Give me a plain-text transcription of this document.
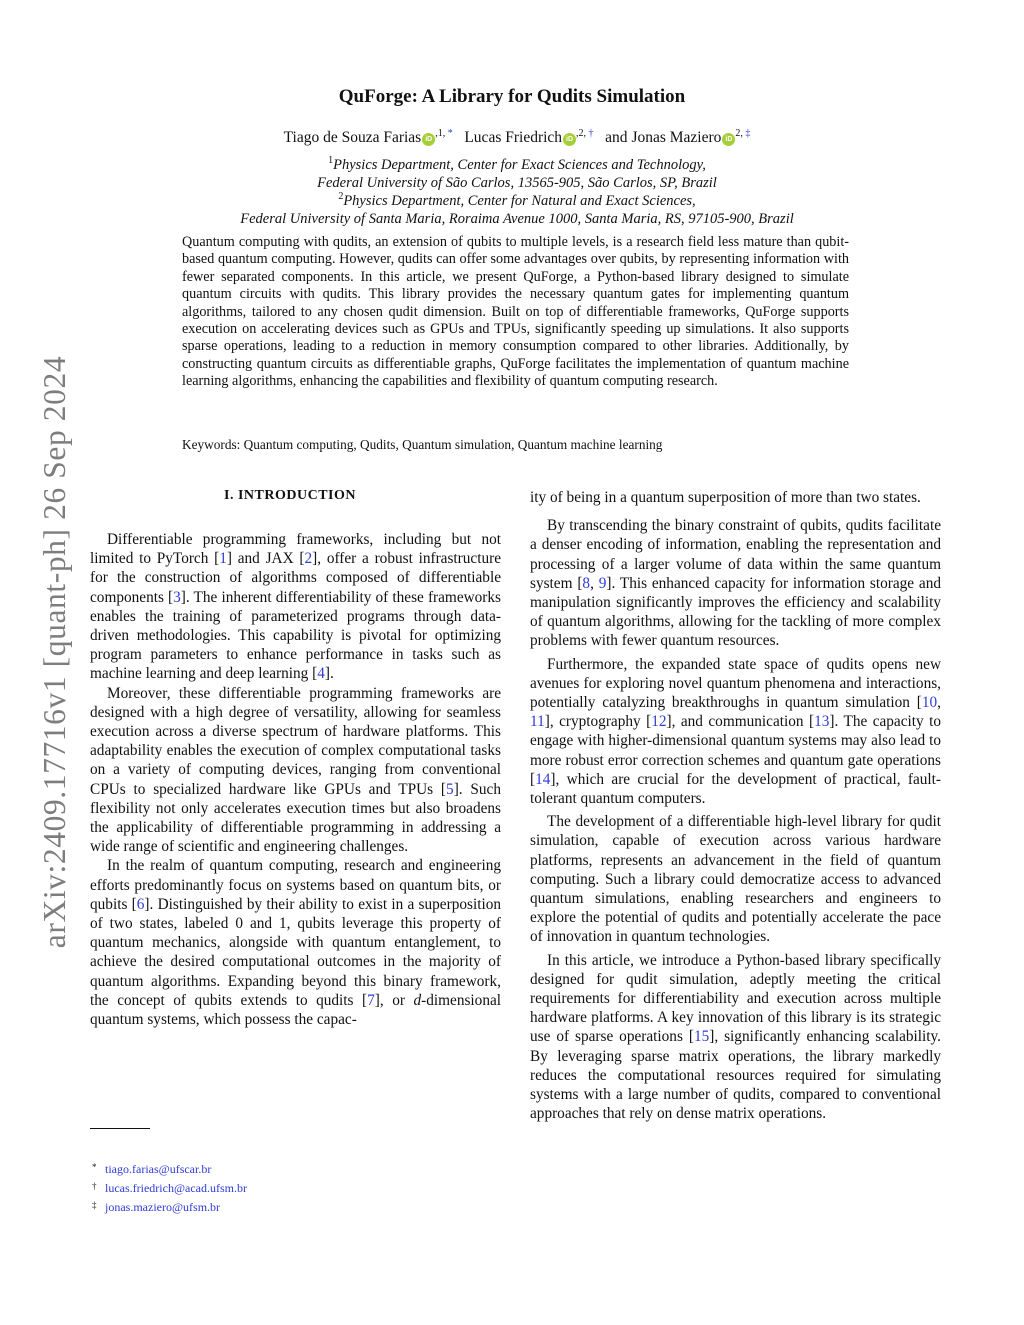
arXiv:2409.17716v1 [quant-ph] 26 Sep 2024
QuForge: A Library for Qudits Simulation
Tiago de Souza Farias $iD^{,1, *}$ Lucas Friedrich $iD^{,2, \dagger}$ and Jonas Maziero $iD^{2, \ddagger}$
$^1$Physics Department, Center for Exact Sciences and Technology,
Federal University of São Carlos, 13565-905, São Carlos, SP, Brazil
$^2$Physics Department, Center for Natural and Exact Sciences,
Federal University of Santa Maria, Roraima Avenue 1000, Santa Maria, RS, 97105-900, Brazil
Quantum computing with qudits, an extension of qubits to multiple levels, is a research field less mature than qubit-based quantum computing. However, qudits can offer some advantages over qubits, by representing information with fewer separated components. In this article, we present QuForge, a Python-based library designed to simulate quantum circuits with qudits. This library provides the necessary quantum gates for implementing quantum algorithms, tailored to any chosen qudit dimension. Built on top of differentiable frameworks, QuForge supports execution on accelerating devices such as GPUs and TPUs, significantly speeding up simulations. It also supports sparse operations, leading to a reduction in memory consumption compared to other libraries. Additionally, by constructing quantum circuits as differentiable graphs, QuForge facilitates the implementation of quantum machine learning algorithms, enhancing the capabilities and flexibility of quantum computing research.
Keywords: Quantum computing, Qudits, Quantum simulation, Quantum machine learning
I. INTRODUCTION

Differentiable programming frameworks, including but not limited to PyTorch [1] and JAX [2], offer a robust infrastructure for the construction of algorithms composed of differentiable components [3]. The inherent differentiability of these frameworks enables the training of parameterized programs through data-driven methodologies. This capability is pivotal for optimizing program parameters to enhance performance in tasks such as machine learning and deep learning [4].

Moreover, these differentiable programming frameworks are designed with a high degree of versatility, allowing for seamless execution across a diverse spectrum of hardware platforms. This adaptability enables the execution of complex computational tasks on a variety of computing devices, ranging from conventional CPUs to specialized hardware like GPUs and TPUs [5]. Such flexibility not only accelerates execution times but also broadens the applicability of differentiable programming in addressing a wide range of scientific and engineering challenges.

In the realm of quantum computing, research and engineering efforts predominantly focus on systems based on quantum bits, or qubits [6]. Distinguished by their ability to exist in a superposition of two states, labeled 0 and 1, qubits leverage this property of quantum mechanics, alongside with quantum entanglement, to achieve the desired computational outcomes in the majority of quantum algorithms. Expanding beyond this binary framework, the concept of qubits extends to qudits [7], or d-dimensional quantum systems, which possess the capac-

ity of being in a quantum superposition of more than two states.

By transcending the binary constraint of qubits, qudits facilitate a denser encoding of information, enabling the representation and processing of a larger volume of data within the same quantum system [8, 9]. This enhanced capacity for information storage and manipulation significantly improves the efficiency and scalability of quantum algorithms, allowing for the tackling of more complex problems with fewer quantum resources.

Furthermore, the expanded state space of qudits opens new avenues for exploring novel quantum phenomena and interactions, potentially catalyzing breakthroughs in quantum simulation [10, 11], cryptography [12], and communication [13]. The capacity to engage with higher-dimensional quantum systems may also lead to more robust error correction schemes and quantum gate operations [14], which are crucial for the development of practical, fault-tolerant quantum computers.

The development of a differentiable high-level library for qudit simulation, capable of execution across various hardware platforms, represents an advancement in the field of quantum computing. Such a library could democratize access to advanced quantum simulations, enabling researchers and engineers to explore the potential of qudits and potentially accelerate the pace of innovation in quantum technologies.

In this article, we introduce a Python-based library specifically designed for qudit simulation, adeptly meeting the critical requirements for differentiability and execution across multiple hardware platforms. A key innovation of this library is its strategic use of sparse operations [15], significantly enhancing scalability. By leveraging sparse matrix operations, the library markedly reduces the computational resources required for simulating systems with a large number of qudits, compared to conventional approaches that rely on dense matrix operations.

* tiago.farias@ufscar.br
† lucas.friedrich@acad.ufsm.br
‡ jonas.maziero@ufsm.br
